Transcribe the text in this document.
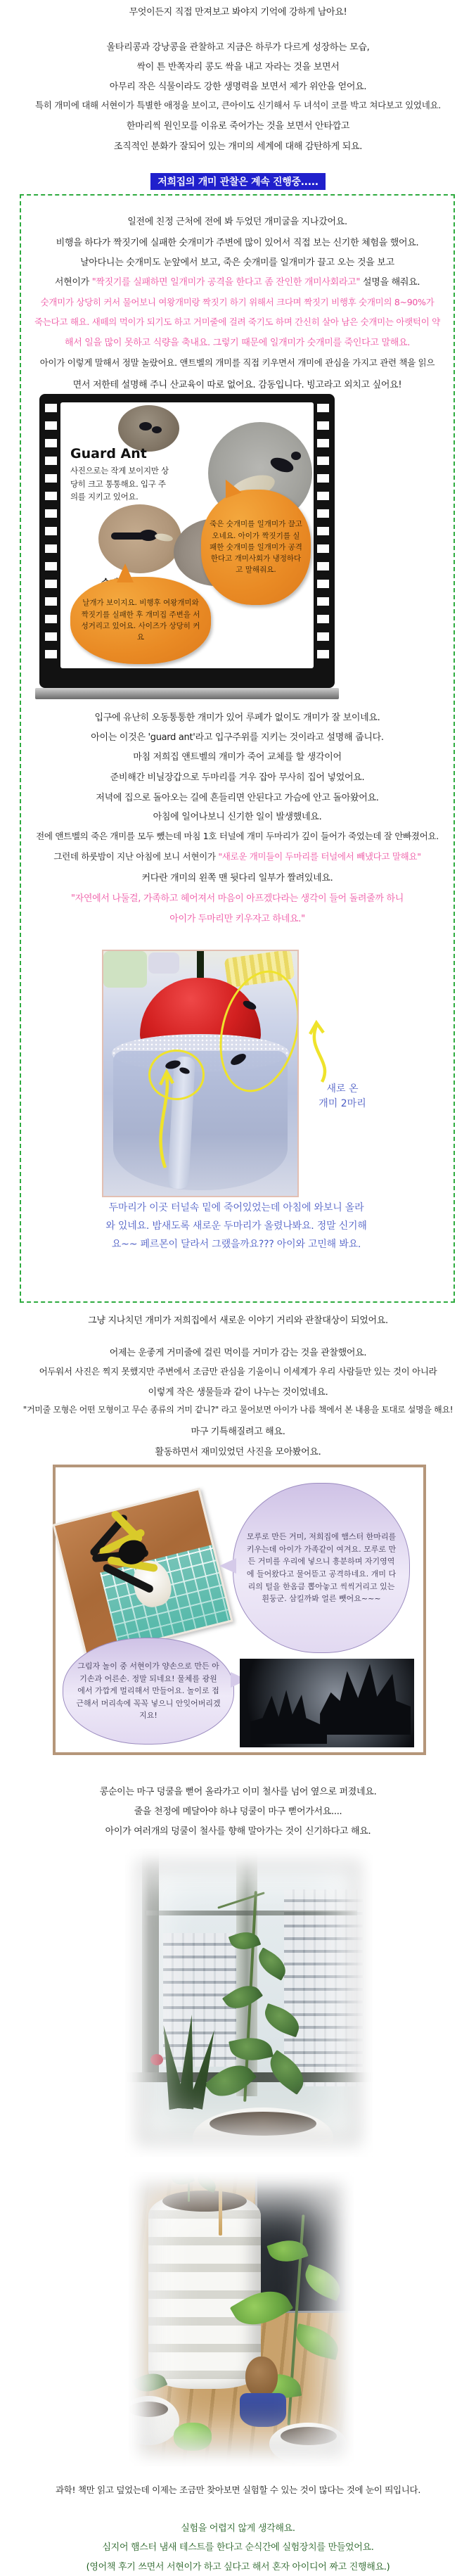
무엇이든지 직접 만져보고 봐야지 기억에 강하게 남아요!
울타리콩과 강낭콩을 관찰하고 지금은 하루가 다르게 성장하는 모습,
싹이 튼 반쪽자리 콩도 싹을 내고 자라는 것을 보면서
아무리 작은 식물이라도 강한 생명력을 보면서 제가 위안을 얻어요.
특히 개미에 대해 서현이가 특별한 애정을 보이고, 큰아이도 신기해서 두 녀석이 코를 박고 쳐다보고 있었네요.
한마리씩 원인모를 이유로 죽어가는 것을 보면서 안타깝고
조직적인 분화가 잘되어 있는 개미의 세계에 대해 감탄하게 되요.
저희집의 개미 관찰은 계속 진행중.....
일전에 친정 근처에 전에 봐 두었던 개미굴을 지나갔어요.
비행을 하다가 짝짓기에 실패한 숫개미가 주변에 많이 있어서 직접 보는 신기한 체험을 했어요.
날아다니는 숫개미도 눈앞에서 보고, 죽은 숫개미를 일개미가 끌고 오는 것을 보고
서현이가 "짝짓기를 실패하면 일개미가 공격을 한다고 좀 잔인한 개미사회라고" 설명을 해줘요.
숫개미가 상당히 커서 물어보니 여왕개미랑 짝짓기 하기 위해서 크다며 짝짓기 비행후 숫개미의 8~90%가
죽는다고 해요. 새떼의 먹이가 되기도 하고 거미줄에 걸려 죽기도 하며 간신히 살아 남은 숫개미는 아랫턱이 약
해서 일을 많이 못하고 식량을 축내요. 그렇기 때문에 일개미가 숫개미를 죽인다고 말해요.
아이가 이렇게 말해서 정말 놀랐어요. 앤트벨의 개미를 직접 키우면서 개미에 관심을 가지고 관련 책을 읽으
면서 저한테 설명해 주니 산교육이 따로 없어요. 감동입니다. 빙고라고 외치고 싶어요!
Guard Ant
사진으로는 작게 보이지만 상당히 크고 통통해요. 입구 주의를 지키고 있어요.
죽은 숫개미를 일개미가 끌고 오네요. 아이가 짝짓기를 실패한 숫개미를 일개미가 공격한다고 개미사회가 냉정하다고 말해줘요.
날개가 보이지요. 비행후 여왕개미와 짝짓기를 실패한 후 개미집 주변을 서성거리고 있어요. 사이즈가 상당히 커요
입구에 유난히 오동통통한 개미가 있어 루페가 없이도 개미가 잘 보이네요.
아이는 이것은 'guard ant'라고 입구주위를 지키는 것이라고 설명해 줍니다.
마침 저희집 앤트벨의 개미가 죽어 교체를 할 생각이어
준비해간 비닐장갑으로 두마리를 겨우 잡아 무사히 집어 넣었어요.
저녁에 집으로 돌아오는 길에 흔들리면 안된다고 가슴에 안고 돌아왔어요.
아침에 일어나보니 신기한 일이 발생했네요.
전에 앤트벨의 죽은 개미를 모두 뺐는데 마침 1호 터널에 개미 두마리가 깊이 들어가 죽었는데 잘 안빠졌어요.
그런데 하룻밤이 지난 아침에 보니 서현이가 "새로운 개미들이 두마리를 터널에서 빼냈다고 말해요"
커다란 개미의 왼쪽 맨 뒷다리 일부가 짤려있네요.
"자연에서 나둘걸, 가족하고 헤어져서 마음이 아프겠다라는 생각이 들어 돌려줄까 하니
아이가 두마리만 키우자고 하네요."
새로 온
개미 2마리
두마리가 이곳 터널속 밑에 죽어있었는데 아침에 와보니 올라와 있네요. 밤새도록 새로운 두마리가 올렸나봐요. 정말 신기해요~~ 페르몬이 달라서 그랬을까요??? 아이와 고민해 봐요.
그냥 지나치던 개미가 저희집에서 새로운 이야기 거리와 관찰대상이 되었어요.
어제는 운좋게 거미줄에 걸린 먹이를 거미가 감는 것을 관찰했어요.
어두워서 사진은 찍지 못했지만 주변에서 조금만 관심을 기울이니 이세계가 우리 사람들만 있는 것이 아니라
이렇게 작은 생물들과 같이 나누는 것이었네요.
"거미줄 모형은 어떤 모형이고 무슨 종류의 거미 같니?" 라고 물어보면 아이가 나름 책에서 본 내용을 토대로 설명을 해요!
마구 기특해질려고 해요.
활동하면서 재미있었던 사진을 모아봤어요.
모루로 만든 거미, 저희집에 햄스터 한마리를 키우는데 아이가 가족같이 여겨요. 모루로 만든 거미를 우리에 넣으니 흥분하며 자기영역에 들어왔다고 물어뜯고 공격하네요. 개미 다리의 털을 한옴큼 뽑아놓고 씩씩거리고 있는 흰둥군. 삼킬까봐 얼른 뺏어요~~~
그림자 놀이 중 서현이가 양손으로 만든 아기손과 어른손. 정말 되네요! 물체를 광원에서 가깝게 멀리해서 만들어요. 놀이로 접근해서 머리속에 꼭꼭 넣으니 안잊어버리겠지요!
콩순이는 마구 덩쿨을 뻗어 올라가고 이미 철사를 넘어 옆으로 퍼졌네요.
줄을 천정에 메달아야 하냐 덩쿨이 마구 뻗어가서요....
아이가 여러개의 덩쿨이 철사를 향해 말아가는 것이 신기하다고 해요.
과학! 책만 읽고 덮었는데 이제는 조금만 찾아보면 실험할 수 있는 것이 많다는 것에 눈이 띄입니다.
실험을 어렵지 않게 생각해요.
심지어 햄스터 냄새 테스트를 한다고 순식간에 실험장치를 만들었어요.
(영어책 후기 쓰면서 서현이가 하고 싶다고 해서 혼자 아이디어 짜고 진행해요.)
